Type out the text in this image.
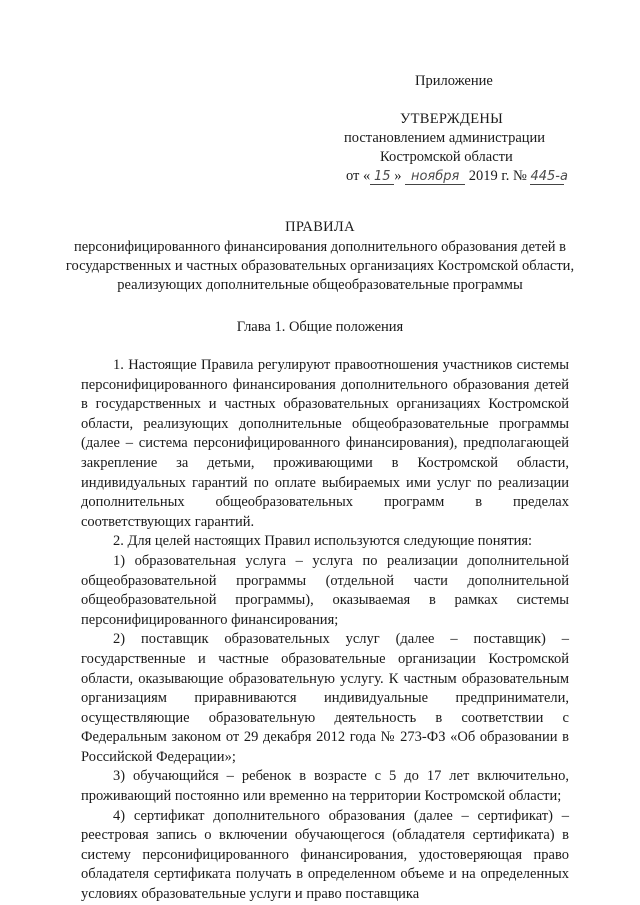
Приложение
УТВЕРЖДЕНЫ
постановлением администрации
Костромской области
от « 15 » ноября 2019 г. № 445-а
ПРАВИЛА
персонифицированного финансирования дополнительного образования детей в государственных и частных образовательных организациях Костромской области, реализующих дополнительные общеобразовательные программы
Глава 1. Общие положения

1. Настоящие Правила регулируют правоотношения участников системы персонифицированного финансирования дополнительного образования детей в государственных и частных образовательных организациях Костромской области, реализующих дополнительные общеобразовательные программы (далее – система персонифицированного финансирования), предполагающей закрепление за детьми, проживающими в Костромской области, индивидуальных гарантий по оплате выбираемых ими услуг по реализации дополнительных общеобразовательных программ в пределах соответствующих гарантий.

2. Для целей настоящих Правил используются следующие понятия:

1) образовательная услуга – услуга по реализации дополнительной общеобразовательной программы (отдельной части дополнительной общеобразовательной программы), оказываемая в рамках системы персонифицированного финансирования;

2) поставщик образовательных услуг (далее – поставщик) – государственные и частные образовательные организации Костромской области, оказывающие образовательную услугу. К частным образовательным организациям приравниваются индивидуальные предприниматели, осуществляющие образовательную деятельность в соответствии с Федеральным законом от 29 декабря 2012 года № 273-ФЗ «Об образовании в Российской Федерации»;

3) обучающийся – ребенок в возрасте с 5 до 17 лет включительно, проживающий постоянно или временно на территории Костромской области;

4) сертификат дополнительного образования (далее – сертификат) – реестровая запись о включении обучающегося (обладателя сертификата) в систему персонифицированного финансирования, удостоверяющая право обладателя сертификата получать в определенном объеме и на определенных условиях образовательные услуги и право поставщика
